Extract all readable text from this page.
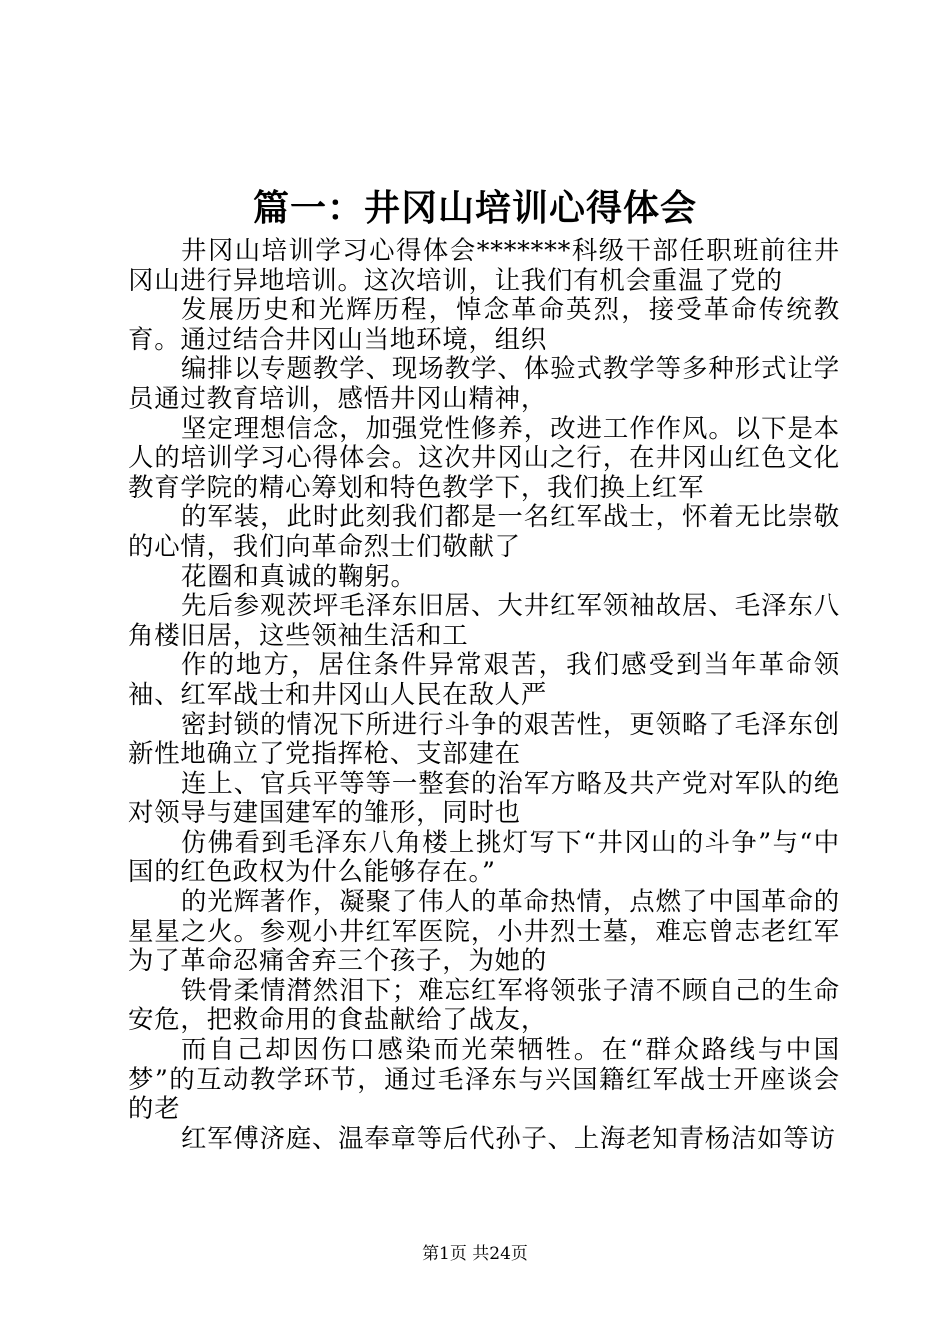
篇一：井冈山培训心得体会

井冈山培训学习心得体会*******科级干部任职班前往井冈山进行异地培训。这次培训，让我们有机会重温了党的

发展历史和光辉历程，悼念革命英烈，接受革命传统教育。通过结合井冈山当地环境，组织

编排以专题教学、现场教学、体验式教学等多种形式让学员通过教育培训，感悟井冈山精神，

坚定理想信念，加强党性修养，改进工作作风。以下是本人的培训学习心得体会。这次井冈山之行，在井冈山红色文化教育学院的精心筹划和特色教学下，我们换上红军

的军装，此时此刻我们都是一名红军战士，怀着无比崇敬的心情，我们向革命烈士们敬献了

花圈和真诚的鞠躬。

先后参观茨坪毛泽东旧居、大井红军领袖故居、毛泽东八角楼旧居，这些领袖生活和工

作的地方，居住条件异常艰苦，我们感受到当年革命领袖、红军战士和井冈山人民在敌人严

密封锁的情况下所进行斗争的艰苦性，更领略了毛泽东创新性地确立了党指挥枪、支部建在

连上、官兵平等等一整套的治军方略及共产党对军队的绝对领导与建国建军的雏形，同时也

仿佛看到毛泽东八角楼上挑灯写下“井冈山的斗争”与“中国的红色政权为什么能够存在。”

的光辉著作，凝聚了伟人的革命热情，点燃了中国革命的星星之火。参观小井红军医院，小井烈士墓，难忘曾志老红军为了革命忍痛舍弃三个孩子，为她的

铁骨柔情潸然泪下；难忘红军将领张子清不顾自己的生命安危，把救命用的食盐献给了战友，

而自己却因伤口感染而光荣牺牲。在“群众路线与中国梦”的互动教学环节，通过毛泽东与兴国籍红军战士开座谈会的老

红军傅济庭、温奉章等后代孙子、上海老知青杨洁如等访

第1页 共24页
